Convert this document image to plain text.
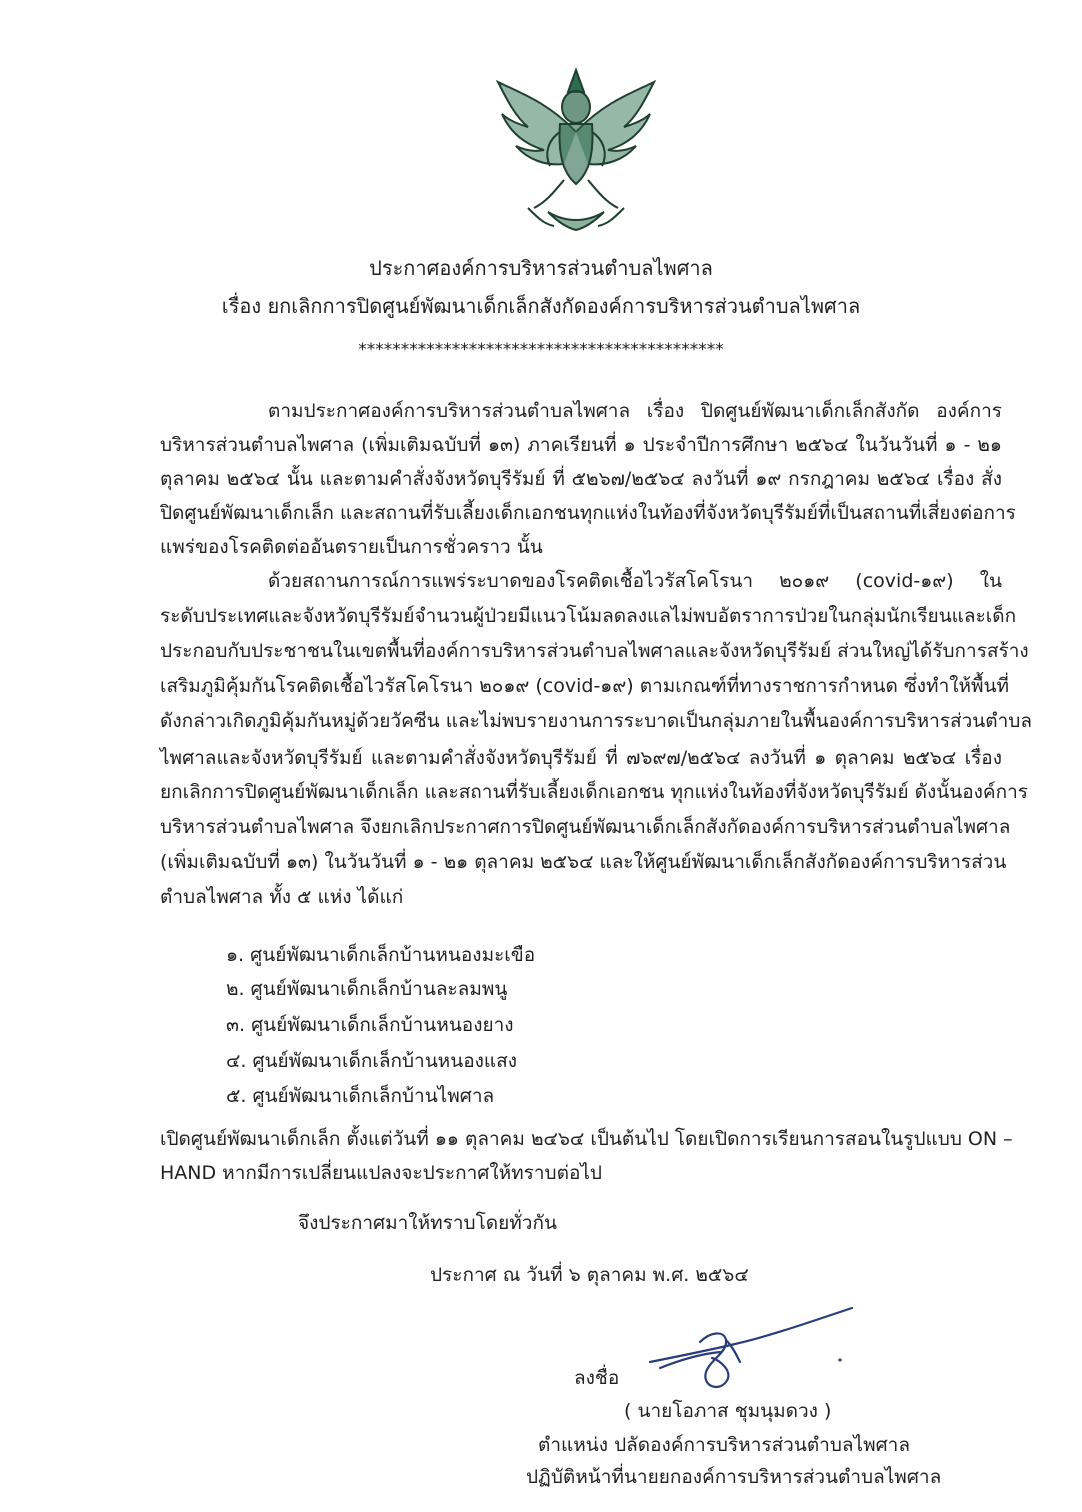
ประกาศองค์การบริหารส่วนตำบลไพศาล
เรื่อง ยกเลิกการปิดศูนย์พัฒนาเด็กเล็กสังกัดองค์การบริหารส่วนตำบลไพศาล
*******************************************
ตามประกาศองค์การบริหารส่วนตำบลไพศาล เรื่อง ปิดศูนย์พัฒนาเด็กเล็กสังกัด องค์การ
บริหารส่วนตำบลไพศาล (เพิ่มเติมฉบับที่ ๑๓) ภาคเรียนที่ ๑ ประจำปีการศึกษา ๒๕๖๔ ในวันวันที่ ๑ - ๒๑
ตุลาคม ๒๕๖๔ นั้น และตามคำสั่งจังหวัดบุรีรัมย์ ที่ ๕๒๖๗/๒๕๖๔ ลงวันที่ ๑๙ กรกฎาคม ๒๕๖๔ เรื่อง สั่ง
ปิดศูนย์พัฒนาเด็กเล็ก และสถานที่รับเลี้ยงเด็กเอกชนทุกแห่งในท้องที่จังหวัดบุรีรัมย์ที่เป็นสถานที่เสี่ยงต่อการ
แพร่ของโรคติดต่ออันตรายเป็นการชั่วคราว นั้น
ด้วยสถานการณ์การแพร่ระบาดของโรคติดเชื้อไวรัสโคโรนา ๒๐๑๙ (covid-๑๙) ใน
ระดับประเทศและจังหวัดบุรีรัมย์จำนวนผู้ป่วยมีแนวโน้มลดลงแลไม่พบอัตราการป่วยในกลุ่มนักเรียนและเด็ก
ประกอบกับประชาชนในเขตพื้นที่องค์การบริหารส่วนตำบลไพศาลและจังหวัดบุรีรัมย์ ส่วนใหญ่ได้รับการสร้าง
เสริมภูมิคุ้มกันโรคติดเชื้อไวรัสโคโรนา ๒๐๑๙ (covid-๑๙) ตามเกณฑ์ที่ทางราชการกำหนด ซึ่งทำให้พื้นที่
ดังกล่าวเกิดภูมิคุ้มกันหมู่ด้วยวัคซีน และไม่พบรายงานการระบาดเป็นกลุ่มภายในพื้นองค์การบริหารส่วนตำบล
ไพศาลและจังหวัดบุรีรัมย์ และตามคำสั่งจังหวัดบุรีรัมย์ ที่ ๗๖๙๗/๒๕๖๔ ลงวันที่ ๑ ตุลาคม ๒๕๖๔ เรื่อง
ยกเลิกการปิดศูนย์พัฒนาเด็กเล็ก และสถานที่รับเลี้ยงเด็กเอกชน ทุกแห่งในท้องที่จังหวัดบุรีรัมย์ ดังนั้นองค์การ
บริหารส่วนตำบลไพศาล จึงยกเลิกประกาศการปิดศูนย์พัฒนาเด็กเล็กสังกัดองค์การบริหารส่วนตำบลไพศาล
(เพิ่มเติมฉบับที่ ๑๓) ในวันวันที่ ๑ - ๒๑ ตุลาคม ๒๕๖๔ และให้ศูนย์พัฒนาเด็กเล็กสังกัดองค์การบริหารส่วน
ตำบลไพศาล ทั้ง ๕ แห่ง ได้แก่
๑. ศูนย์พัฒนาเด็กเล็กบ้านหนองมะเขือ
๒. ศูนย์พัฒนาเด็กเล็กบ้านละลมพนู
๓. ศูนย์พัฒนาเด็กเล็กบ้านหนองยาง
๔. ศูนย์พัฒนาเด็กเล็กบ้านหนองแสง
๕. ศูนย์พัฒนาเด็กเล็กบ้านไพศาล
เปิดศูนย์พัฒนาเด็กเล็ก ตั้งแต่วันที่ ๑๑ ตุลาคม ๒๔๖๔ เป็นต้นไป โดยเปิดการเรียนการสอนในรูปแบบ ON –
HAND หากมีการเปลี่ยนแปลงจะประกาศให้ทราบต่อไป
จึงประกาศมาให้ทราบโดยทั่วกัน
ประกาศ ณ วันที่ ๖ ตุลาคม พ.ศ. ๒๕๖๔
ลงชื่อ
( นายโอภาส ชุมนุมดวง )
ตำแหน่ง ปลัดองค์การบริหารส่วนตำบลไพศาล
ปฏิบัติหน้าที่นายยกองค์การบริหารส่วนตำบลไพศาล
